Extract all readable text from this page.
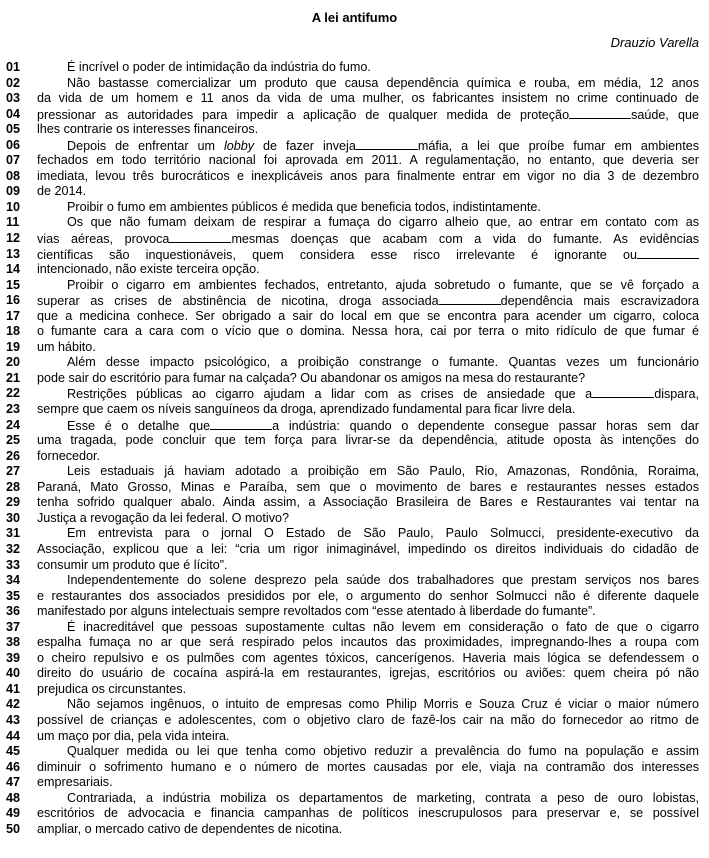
A lei antifumo
Drauzio Varella
01	É incrível o poder de intimidação da indústria do fumo.
02	Não bastasse comercializar um produto que causa dependência química e rouba, em média, 12 anos
03 da vida de um homem e 11 anos da vida de uma mulher, os fabricantes insistem no crime continuado de
04 pressionar as autoridades para impedir a aplicação de qualquer medida de proteção	saúde, que
05 lhes contrarie os interesses financeiros.
06	Depois de enfrentar um lobby de fazer inveja	máfia, a lei que proíbe fumar em ambientes
07 fechados em todo território nacional foi aprovada em 2011. A regulamentação, no entanto, que deveria ser
08 imediata, levou três burocráticos e inexplicáveis anos para finalmente entrar em vigor no dia 3 de dezembro
09 de 2014.
10	Proibir o fumo em ambientes públicos é medida que beneficia todos, indistintamente.
11	Os que não fumam deixam de respirar a fumaça do cigarro alheio que, ao entrar em contato com as
12 vias aéreas, provoca	mesmas doenças que acabam com a vida do fumante. As evidências
13 científicas são inquestionáveis, quem considera esse risco irrelevante é ignorante ou
14 intencionado, não existe terceira opção.
15	Proibir o cigarro em ambientes fechados, entretanto, ajuda sobretudo o fumante, que se vê forçado a
16 superar as crises de abstinência de nicotina, droga associada	dependência mais escravizadora
17 que a medicina conhece. Ser obrigado a sair do local em que se encontra para acender um cigarro, coloca
18 o fumante cara a cara com o vício que o domina. Nessa hora, cai por terra o mito ridículo de que fumar é
19 um hábito.
20	Além desse impacto psicológico, a proibição constrange o fumante. Quantas vezes um funcionário
21 pode sair do escritório para fumar na calçada? Ou abandonar os amigos na mesa do restaurante?
22	Restrições públicas ao cigarro ajudam a lidar com as crises de ansiedade que a	dispara,
23 sempre que caem os níveis sanguíneos da droga, aprendizado fundamental para ficar livre dela.
24	Esse é o detalhe que	a indústria: quando o dependente consegue passar horas sem dar
25 uma tragada, pode concluir que tem força para livrar-se da dependência, atitude oposta às intenções do
26 fornecedor.
27	Leis estaduais já haviam adotado a proibição em São Paulo, Rio, Amazonas, Rondônia, Roraima,
28 Paraná, Mato Grosso, Minas e Paraíba, sem que o movimento de bares e restaurantes nesses estados
29 tenha sofrido qualquer abalo. Ainda assim, a Associação Brasileira de Bares e Restaurantes vai tentar na
30 Justiça a revogação da lei federal. O motivo?
31	Em entrevista para o jornal O Estado de São Paulo, Paulo Solmucci, presidente-executivo da
32 Associação, explicou que a lei: “cria um rigor inimaginável, impedindo os direitos individuais do cidadão de
33 consumir um produto que é lícito”.
34	Independentemente do solene desprezo pela saúde dos trabalhadores que prestam serviços nos bares
35 e restaurantes dos associados presididos por ele, o argumento do senhor Solmucci não é diferente daquele
36 manifestado por alguns intelectuais sempre revoltados com “esse atentado à liberdade do fumante”.
37	É inacreditável que pessoas supostamente cultas não levem em consideração o fato de que o cigarro
38 espalha fumaça no ar que será respirado pelos incautos das proximidades, impregnando-lhes a roupa com
39 o cheiro repulsivo e os pulmões com agentes tóxicos, cancerígenos. Haveria mais lógica se defendessem o
40 direito do usuário de cocaína aspirá-la em restaurantes, igrejas, escritórios ou aviões: quem cheira pó não
41 prejudica os circunstantes.
42	Não sejamos ingênuos, o intuito de empresas como Philip Morris e Souza Cruz é viciar o maior número
43 possível de crianças e adolescentes, com o objetivo claro de fazê-los cair na mão do fornecedor ao ritmo de
44 um maço por dia, pela vida inteira.
45	Qualquer medida ou lei que tenha como objetivo reduzir a prevalência do fumo na população e assim
46 diminuir o sofrimento humano e o número de mortes causadas por ele, viaja na contramão dos interesses
47 empresariais.
48	Contrariada, a indústria mobiliza os departamentos de marketing, contrata a peso de ouro lobistas,
49 escritórios de advocacia e financia campanhas de políticos inescrupulosos para preservar e, se possível
50 ampliar, o mercado cativo de dependentes de nicotina.
